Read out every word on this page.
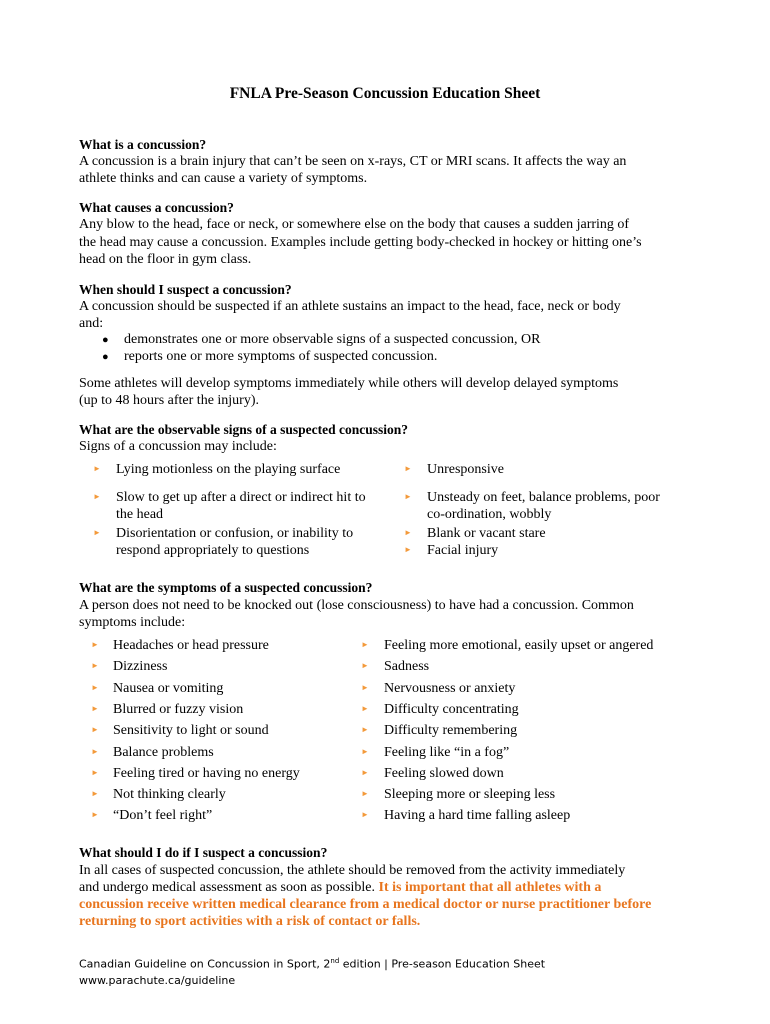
FNLA Pre-Season Concussion Education Sheet
What is a concussion?
A concussion is a brain injury that can’t be seen on x-rays, CT or MRI scans. It affects the way an
athlete thinks and can cause a variety of symptoms.
What causes a concussion?
Any blow to the head, face or neck, or somewhere else on the body that causes a sudden jarring of
the head may cause a concussion. Examples include getting body-checked in hockey or hitting one’s
head on the floor in gym class.
When should I suspect a concussion?
A concussion should be suspected if an athlete sustains an impact to the head, face, neck or body
and:
● demonstrates one or more observable signs of a suspected concussion, OR
● reports one or more symptoms of suspected concussion.
Some athletes will develop symptoms immediately while others will develop delayed symptoms
(up to 48 hours after the injury).
What are the observable signs of a suspected concussion?
Signs of a concussion may include:
► Lying motionless on the playing surface
► Slow to get up after a direct or indirect hit to
the head
► Disorientation or confusion, or inability to
respond appropriately to questions
► Unresponsive
► Unsteady on feet, balance problems, poor
co-ordination, wobbly
► Blank or vacant stare
► Facial injury
What are the symptoms of a suspected concussion?
A person does not need to be knocked out (lose consciousness) to have had a concussion. Common
symptoms include:
► Headaches or head pressure
► Dizziness
► Nausea or vomiting
► Blurred or fuzzy vision
► Sensitivity to light or sound
► Balance problems
► Feeling tired or having no energy
► Not thinking clearly
► “Don’t feel right”
► Feeling more emotional, easily upset or angered
► Sadness
► Nervousness or anxiety
► Difficulty concentrating
► Difficulty remembering
► Feeling like “in a fog”
► Feeling slowed down
► Sleeping more or sleeping less
► Having a hard time falling asleep
What should I do if I suspect a concussion?
In all cases of suspected concussion, the athlete should be removed from the activity immediately
and undergo medical assessment as soon as possible. It is important that all athletes with a
concussion receive written medical clearance from a medical doctor or nurse practitioner before
returning to sport activities with a risk of contact or falls.
Canadian Guideline on Concussion in Sport, 2nd edition | Pre-season Education Sheet
www.parachute.ca/guideline
